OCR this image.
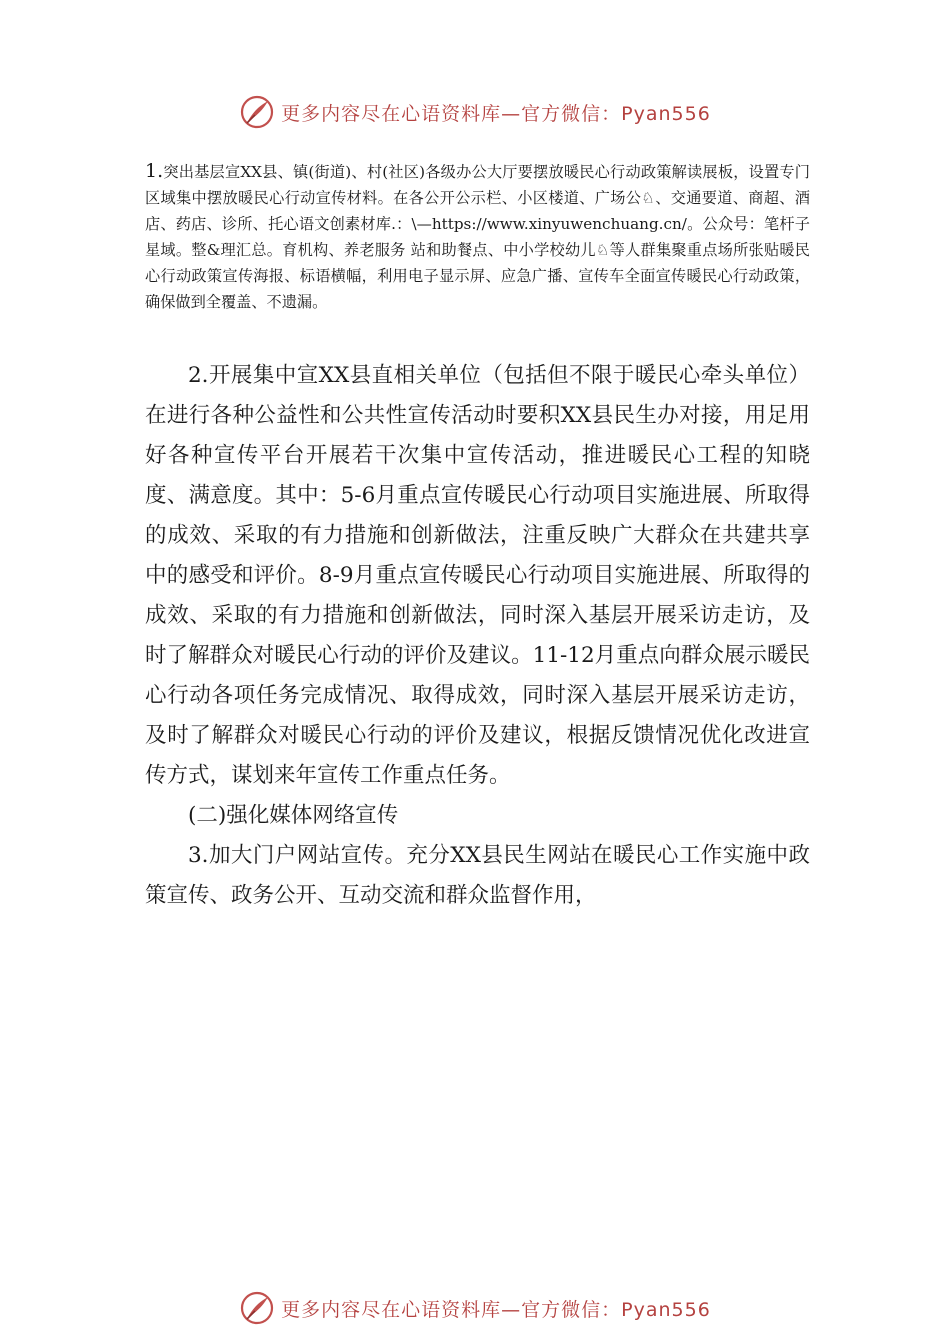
更多内容尽在心语资料库—官方微信：Pyan556

1.突出基层宣XX县、镇(街道)、村(社区)各级办公大厅要摆放暖民心行动政策解读展板，设置专门区域集中摆放暖民心行动宣传材料。在各公开公示栏、小区楼道、广场公♘、交通要道、商超、酒店、药店、诊所、托心语文创素材库.：\—https://www.xinyuwenchuang.cn/。公众号：笔杆子星域。整&理汇总。育机构、养老服务 站和助餐点、中小学校幼儿♘等人群集聚重点场所张贴暖民心行动政策宣传海报、标语横幅，利用电子显示屏、应急广播、宣传车全面宣传暖民心行动政策，确保做到全覆盖、不遗漏。

2.开展集中宣XX县直相关单位（包括但不限于暖民心牵头单位）在进行各种公益性和公共性宣传活动时要积XX县民生办对接，用足用好各种宣传平台开展若干次集中宣传活动，推进暖民心工程的知晓度、满意度。其中：5-6月重点宣传暖民心行动项目实施进展、所取得的成效、采取的有力措施和创新做法，注重反映广大群众在共建共享中的感受和评价。8-9月重点宣传暖民心行动项目实施进展、所取得的成效、采取的有力措施和创新做法，同时深入基层开展采访走访，及时了解群众对暖民心行动的评价及建议。11-12月重点向群众展示暖民心行动各项任务完成情况、取得成效，同时深入基层开展采访走访，及时了解群众对暖民心行动的评价及建议，根据反馈情况优化改进宣传方式，谋划来年宣传工作重点任务。

(二)强化媒体网络宣传

3.加大门户网站宣传。充分XX县民生网站在暖民心工作实施中政策宣传、政务公开、互动交流和群众监督作用，

更多内容尽在心语资料库—官方微信：Pyan556
